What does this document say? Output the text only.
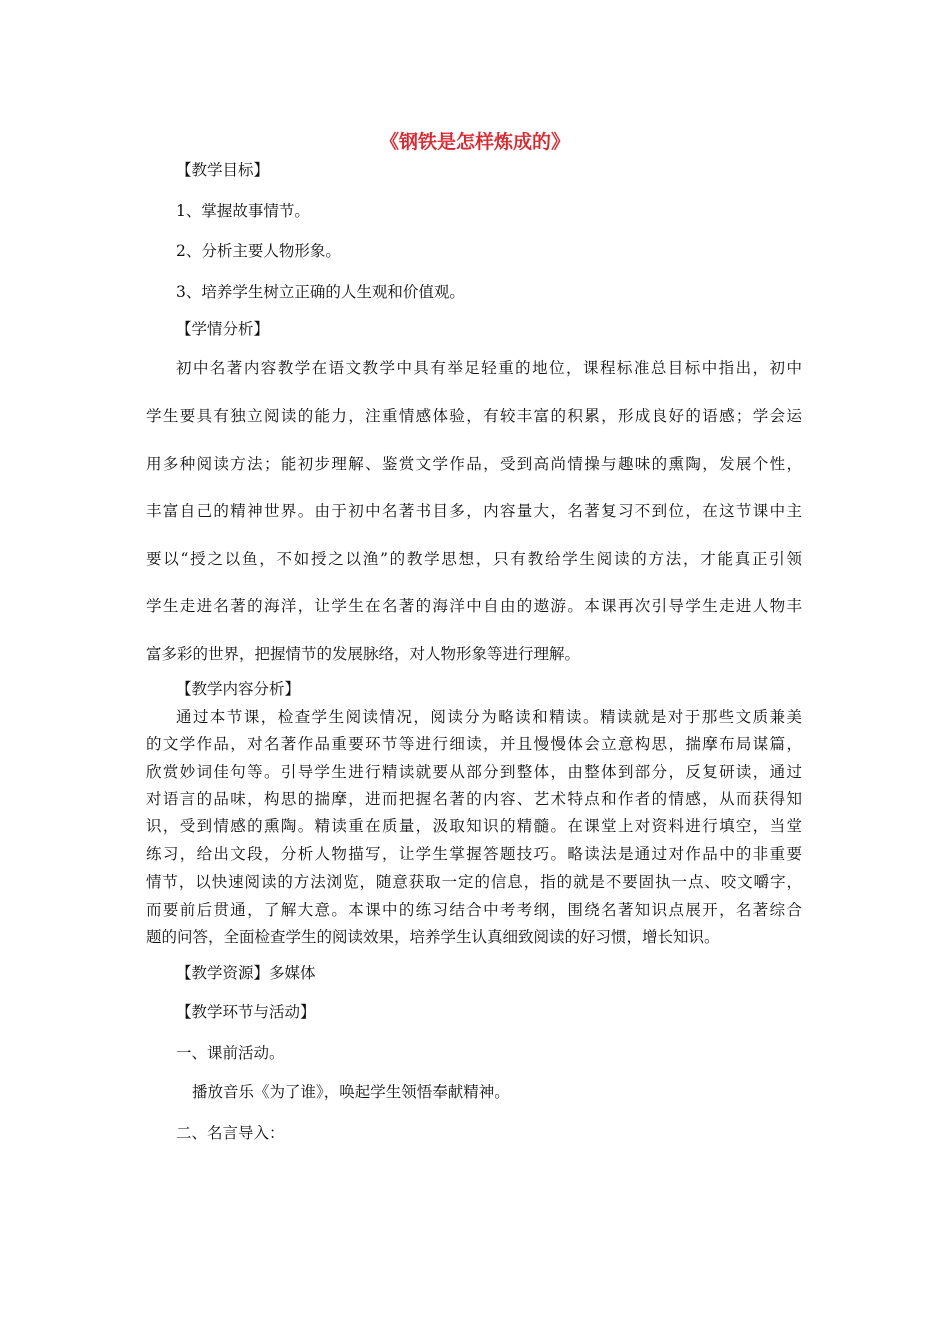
《钢铁是怎样炼成的》
【教学目标】
1、掌握故事情节。
2、分析主要人物形象。
3、培养学生树立正确的人生观和价值观。
【学情分析】
初中名著内容教学在语文教学中具有举足轻重的地位，课程标准总目标中指出，初中
学生要具有独立阅读的能力，注重情感体验，有较丰富的积累，形成良好的语感；学会运
用多种阅读方法；能初步理解、鉴赏文学作品，受到高尚情操与趣味的熏陶，发展个性，
丰富自己的精神世界。由于初中名著书目多，内容量大，名著复习不到位，在这节课中主
要以“授之以鱼，不如授之以渔”的教学思想，只有教给学生阅读的方法，才能真正引领
学生走进名著的海洋，让学生在名著的海洋中自由的遨游。本课再次引导学生走进人物丰
富多彩的世界，把握情节的发展脉络，对人物形象等进行理解。
【教学内容分析】
通过本节课，检查学生阅读情况，阅读分为略读和精读。精读就是对于那些文质兼美
的文学作品，对名著作品重要环节等进行细读，并且慢慢体会立意构思，揣摩布局谋篇，
欣赏妙词佳句等。引导学生进行精读就要从部分到整体，由整体到部分，反复研读，通过
对语言的品味，构思的揣摩，进而把握名著的内容、艺术特点和作者的情感，从而获得知
识，受到情感的熏陶。精读重在质量，汲取知识的精髓。在课堂上对资料进行填空，当堂
练习，给出文段，分析人物描写，让学生掌握答题技巧。略读法是通过对作品中的非重要
情节，以快速阅读的方法浏览，随意获取一定的信息，指的就是不要固执一点、咬文嚼字，
而要前后贯通，了解大意。本课中的练习结合中考考纲，围绕名著知识点展开，名著综合
题的问答，全面检查学生的阅读效果，培养学生认真细致阅读的好习惯，增长知识。
【教学资源】多媒体
【教学环节与活动】
一、课前活动。
播放音乐《为了谁》，唤起学生领悟奉献精神。
二、名言导入：
